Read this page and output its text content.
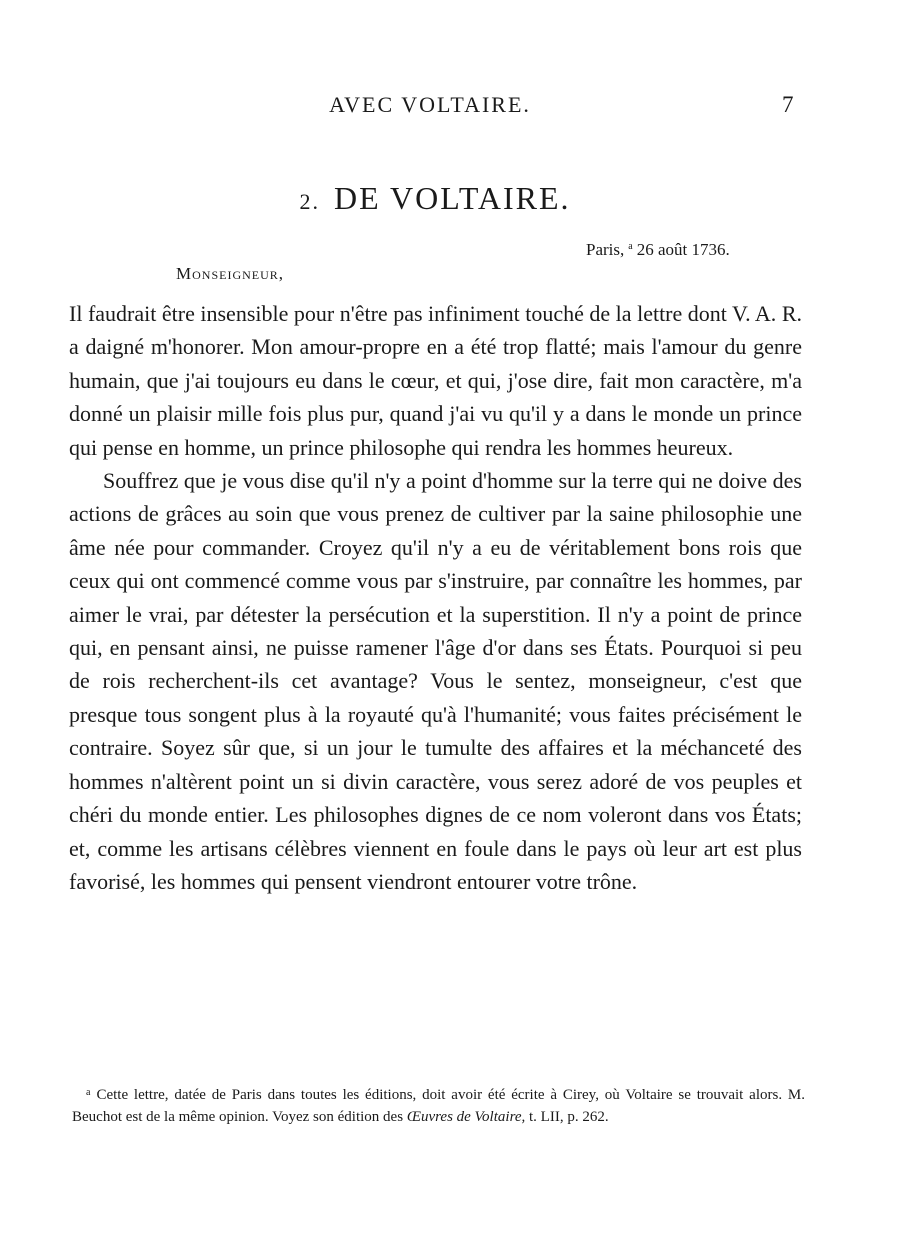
AVEC VOLTAIRE.	7
2. DE VOLTAIRE.
Paris, $^a$ 26 août 1736.
Monseigneur,

Il faudrait être insensible pour n'être pas infiniment touché de la lettre dont V. A. R. a daigné m'honorer. Mon amour-propre en a été trop flatté; mais l'amour du genre humain, que j'ai toujours eu dans le cœur, et qui, j'ose dire, fait mon caractère, m'a donné un plaisir mille fois plus pur, quand j'ai vu qu'il y a dans le monde un prince qui pense en homme, un prince philosophe qui rendra les hommes heureux.

Souffrez que je vous dise qu'il n'y a point d'homme sur la terre qui ne doive des actions de grâces au soin que vous prenez de cultiver par la saine philosophie une âme née pour commander. Croyez qu'il n'y a eu de véritablement bons rois que ceux qui ont commencé comme vous par s'instruire, par connaître les hommes, par aimer le vrai, par détester la persécution et la superstition. Il n'y a point de prince qui, en pensant ainsi, ne puisse ramener l'âge d'or dans ses États. Pourquoi si peu de rois recherchent-ils cet avantage? Vous le sentez, monseigneur, c'est que presque tous songent plus à la royauté qu'à l'humanité; vous faites précisément le contraire. Soyez sûr que, si un jour le tumulte des affaires et la méchanceté des hommes n'altèrent point un si divin caractère, vous serez adoré de vos peuples et chéri du monde entier. Les philosophes dignes de ce nom voleront dans vos États; et, comme les artisans célèbres viennent en foule dans le pays où leur art est plus favorisé, les hommes qui pensent viendront entourer votre trône.

$^a$ Cette lettre, datée de Paris dans toutes les éditions, doit avoir été écrite à Cirey, où Voltaire se trouvait alors. M. Beuchot est de la même opinion. Voyez son édition des Œuvres de Voltaire, t. LII, p. 262.
